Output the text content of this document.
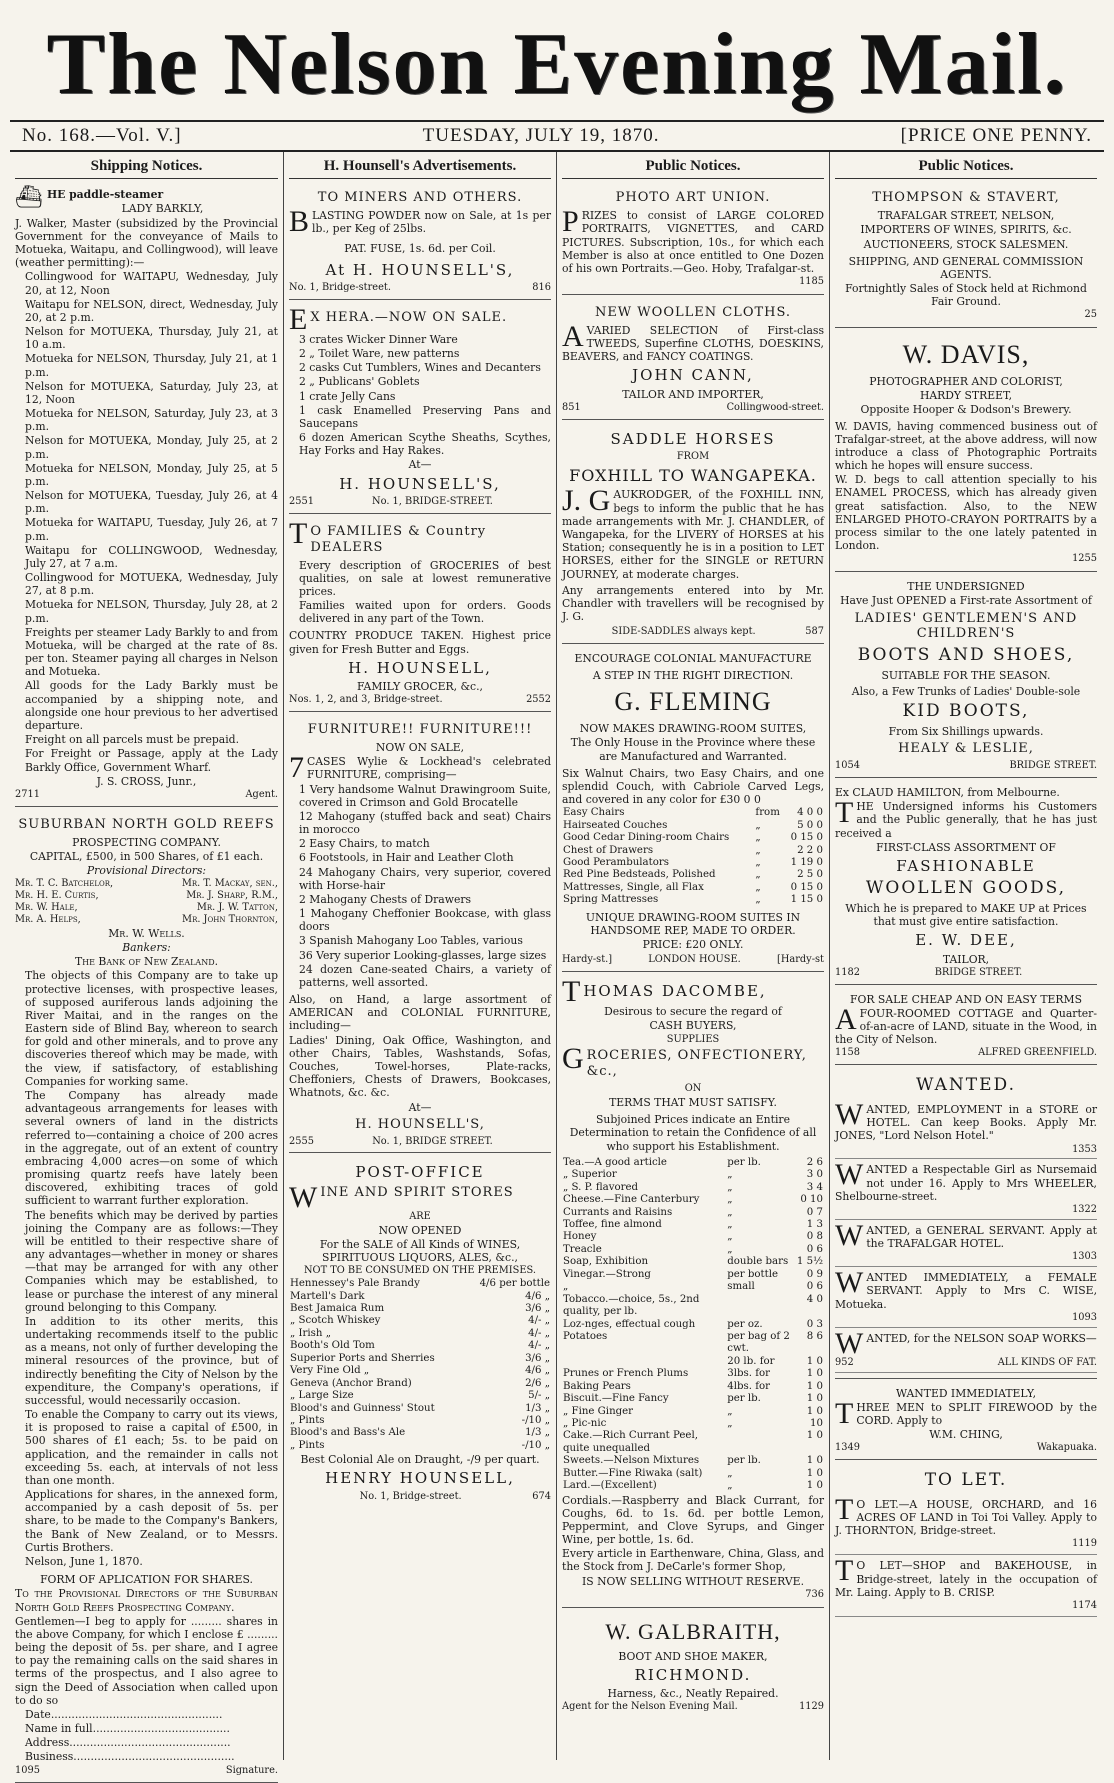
The Nelson Evening Mail.
No. 168.—Vol. V.]	TUESDAY, JULY 19, 1870.	[PRICE ONE PENNY.
Shipping Notices.
⛴ HE paddle-steamer

LADY BARKLY,

J. Walker, Master (subsidized by the Provincial Government for the conveyance of Mails to Motueka, Waitapu, and Collingwood), will leave (weather permitting):—

Collingwood for WAITAPU, Wednesday, July 20, at 12, Noon

Waitapu for NELSON, direct, Wednesday, July 20, at 2 p.m.

Nelson for MOTUEKA, Thursday, July 21, at 10 a.m.

Motueka for NELSON, Thursday, July 21, at 1 p.m.

Nelson for MOTUEKA, Saturday, July 23, at 12, Noon

Motueka for NELSON, Saturday, July 23, at 3 p.m.

Nelson for MOTUEKA, Monday, July 25, at 2 p.m.

Motueka for NELSON, Monday, July 25, at 5 p.m.

Nelson for MOTUEKA, Tuesday, July 26, at 4 p.m.

Motueka for WAITAPU, Tuesday, July 26, at 7 p.m.

Waitapu for COLLINGWOOD, Wednesday, July 27, at 7 a.m.

Collingwood for MOTUEKA, Wednesday, July 27, at 8 p.m.

Motueka for NELSON, Thursday, July 28, at 2 p.m.

Freights per steamer Lady Barkly to and from Motueka, will be charged at the rate of 8s. per ton. Steamer paying all charges in Nelson and Motueka.

All goods for the Lady Barkly must be accompanied by a shipping note, and alongside one hour previous to her advertised departure.

Freight on all parcels must be prepaid.

For Freight or Passage, apply at the Lady Barkly Office, Government Wharf.

J. S. CROSS, Junr.,

2711	Agent.
SUBURBAN NORTH GOLD REEFS

PROSPECTING COMPANY.

CAPITAL, £500, in 500 Shares, of £1 each.

Provisional Directors:

Mr. T. C. Batchelor,	Mr. T. Mackay, sen.,
Mr. H. E. Curtis,	Mr. J. Sharp, R.M.,
Mr. W. Hale,	Mr. J. W. Tatton,
Mr. A. Helps,	Mr. John Thornton,

Mr. W. Wells.

Bankers:

The Bank of New Zealand.

The objects of this Company are to take up protective licenses, with prospective leases, of supposed auriferous lands adjoining the River Maitai, and in the ranges on the Eastern side of Blind Bay, whereon to search for gold and other minerals, and to prove any discoveries thereof which may be made, with the view, if satisfactory, of establishing Companies for working same.

The Company has already made advantageous arrangements for leases with several owners of land in the districts referred to—containing a choice of 200 acres in the aggregate, out of an extent of country embracing 4,000 acres—on some of which promising quartz reefs have lately been discovered, exhibiting traces of gold sufficient to warrant further exploration.

The benefits which may be derived by parties joining the Company are as follows:—They will be entitled to their respective share of any advantages—whether in money or shares—that may be arranged for with any other Companies which may be established, to lease or purchase the interest of any mineral ground belonging to this Company.

In addition to its other merits, this undertaking recommends itself to the public as a means, not only of further developing the mineral resources of the province, but of indirectly benefiting the City of Nelson by the expenditure, the Company's operations, if successful, would necessarily occasion.

To enable the Company to carry out its views, it is proposed to raise a capital of £500, in 500 shares of £1 each; 5s. to be paid on application, and the remainder in calls not exceeding 5s. each, at intervals of not less than one month.

Applications for shares, in the annexed form, accompanied by a cash deposit of 5s. per share, to be made to the Company's Bankers, the Bank of New Zealand, or to Messrs. Curtis Brothers.

Nelson, June 1, 1870.

FORM OF APLICATION FOR SHARES.

To the Provisional Directors of the Suburban North Gold Reefs Prospecting Company.

Gentlemen—I beg to apply for ......... shares in the above Company, for which I enclose £ ......... being the deposit of 5s. per share, and I agree to pay the remaining calls on the said shares in terms of the prospectus, and I also agree to sign the Deed of Association when called upon to do so

Date..................................................

Name in full........................................

Address...............................................

Business...............................................

1095	Signature.
H. Hounsell's Advertisements.
TO MINERS AND OTHERS.
B LASTING POWDER now on Sale, at 1s per lb., per Keg of 25lbs.

PAT. FUSE, 1s. 6d. per Coil.

At H. HOUNSELL'S,
No. 1, Bridge-street.	816
E X HERA.—NOW ON SALE.

3 crates Wicker Dinner Ware

2 „ Toilet Ware, new patterns

2 casks Cut Tumblers, Wines and Decanters

2 „ Publicans' Goblets

1 crate Jelly Cans

1 cask Enamelled Preserving Pans and Saucepans

6 dozen American Scythe Sheaths, Scythes, Hay Forks and Hay Rakes.

At—

H. HOUNSELL'S,
2551	No. 1, BRIDGE-STREET.
T O FAMILIES & Country DEALERS

Every description of GROCERIES of best qualities, on sale at lowest remunerative prices.

Families waited upon for orders. Goods delivered in any part of the Town.

COUNTRY PRODUCE TAKEN. Highest price given for Fresh Butter and Eggs.

H. HOUNSELL,

FAMILY GROCER, &c.,

Nos. 1, 2, and 3, Bridge-street.	2552
FURNITURE!! FURNITURE!!!

NOW ON SALE,

7 CASES Wylie & Lockhead's celebrated FURNITURE, comprising—

1 Very handsome Walnut Drawingroom Suite, covered in Crimson and Gold Brocatelle

12 Mahogany (stuffed back and seat) Chairs in morocco

2 Easy Chairs, to match

6 Footstools, in Hair and Leather Cloth

24 Mahogany Chairs, very superior, covered with Horse-hair

2 Mahogany Chests of Drawers

1 Mahogany Cheffonier Bookcase, with glass doors

3 Spanish Mahogany Loo Tables, various

36 Very superior Looking-glasses, large sizes

24 dozen Cane-seated Chairs, a variety of patterns, well assorted.

Also, on Hand, a large assortment of AMERICAN and COLONIAL FURNITURE, including—

Ladies' Dining, Oak Office, Washington, and other Chairs, Tables, Washstands, Sofas, Couches, Towel-horses, Plate-racks, Cheffoniers, Chests of Drawers, Bookcases, Whatnots, &c. &c.

At—

H. HOUNSELL'S,
2555	No. 1, BRIDGE STREET.
POST-OFFICE
W INE AND SPIRIT STORES

ARE

NOW OPENED

For the SALE of All Kinds of WINES, SPIRITUOUS LIQUORS, ALES, &c.,

NOT TO BE CONSUMED ON THE PREMISES.

Hennessey's Pale Brandy	4/6 per bottle
Martell's Dark	4/6 „
Best Jamaica Rum	3/6 „
„ Scotch Whiskey	4/- „
„ Irish „	4/- „
Booth's Old Tom	4/- „
Superior Ports and Sherries	3/6 „
Very Fine Old „	4/6 „
Geneva (Anchor Brand)	2/6 „
„ Large Size	5/- „
Blood's and Guinness' Stout	1/3 „
„ Pints	-/10 „
Blood's and Bass's Ale	1/3 „
„ Pints	-/10 „

Best Colonial Ale on Draught, -/9 per quart.

HENRY HOUNSELL,
No. 1, Bridge-street.	674
Public Notices.
PHOTO ART UNION.
P RIZES to consist of LARGE COLORED PORTRAITS, VIGNETTES, and CARD PICTURES. Subscription, 10s., for which each Member is also at once entitled to One Dozen of his own Portraits.—Geo. Hoby, Trafalgar-st.

1185

NEW WOOLLEN CLOTHS.
A VARIED SELECTION of First-class TWEEDS, Superfine CLOTHS, DOESKINS, BEAVERS, and FANCY COATINGS.

JOHN CANN,

TAILOR AND IMPORTER,

851	Collingwood-street.
SADDLE HORSES

FROM

FOXHILL TO WANGAPEKA.
J. G AUKRODGER, of the FOXHILL INN, begs to inform the public that he has made arrangements with Mr. J. CHANDLER, of Wangapeka, for the LIVERY of HORSES at his Station; consequently he is in a position to LET HORSES, either for the SINGLE or RETURN JOURNEY, at moderate charges.

Any arrangements entered into by Mr. Chandler with travellers will be recognised by J. G.

SIDE-SADDLES always kept.	587

ENCOURAGE COLONIAL MANUFACTURE

A STEP IN THE RIGHT DIRECTION.

G. FLEMING

NOW MAKES DRAWING-ROOM SUITES,

The Only House in the Province where these are Manufactured and Warranted.

Six Walnut Chairs, two Easy Chairs, and one splendid Couch, with Cabriole Carved Legs, and covered in any color for £30 0 0

Easy Chairs	from	4 0 0
Hairseated Couches	„	5 0 0
Good Cedar Dining-room Chairs	„	0 15 0
Chest of Drawers	„	2 2 0
Good Perambulators	„	1 19 0
Red Pine Bedsteads, Polished	„	2 5 0
Mattresses, Single, all Flax	„	0 15 0
Spring Mattresses	„	1 15 0

UNIQUE DRAWING-ROOM SUITES IN HANDSOME REP, MADE TO ORDER.

PRICE: £20 ONLY.

Hardy-st.]	LONDON HOUSE.	[Hardy-st
T HOMAS DACOMBE,

Desirous to secure the regard of

CASH BUYERS,

SUPPLIES

G ROCERIES, ONFECTIONERY, &c.,

ON

TERMS THAT MUST SATISFY.

Subjoined Prices indicate an Entire Determination to retain the Confidence of all who support his Establishment.

Tea.—A good article	per lb.	2 6
„ Superior	„	3 0
„ S. P. flavored	„	3 4
Cheese.—Fine Canterbury	„	0 10
Currants and Raisins	„	0 7
Toffee, fine almond	„	1 3
Honey	„	0 8
Treacle	„	0 6
Soap, Exhibition	double bars	1 5½
Vinegar.—Strong	per bottle	0 9
„	small	0 6
Tobacco.—choice, 5s., 2nd quality, per lb.		4 0
Loz-nges, effectual cough	per oz.	0 3
Potatoes	per bag of 2 cwt.	8 6
	20 lb. for	1 0
Prunes or French Plums	3lbs. for	1 0
Baking Pears	4lbs. for	1 0
Biscuit.—Fine Fancy	per lb.	1 0
„ Fine Ginger	„	1 0
„ Pic-nic	„	10
Cake.—Rich Currant Peel, quite unequalled		1 0
Sweets.—Nelson Mixtures	per lb.	1 0
Butter.—Fine Riwaka (salt)	„	1 0
Lard.—(Excellent)	„	1 0

Cordials.—Raspberry and Black Currant, for Coughs, 6d. to 1s. 6d. per bottle Lemon, Peppermint, and Clove Syrups, and Ginger Wine, per bottle, 1s. 6d.

Every article in Earthenware, China, Glass, and the Stock from J. DeCarle's former Shop,

IS NOW SELLING WITHOUT RESERVE.

736

W. GALBRAITH,

BOOT AND SHOE MAKER,

RICHMOND.

Harness, &c., Neatly Repaired.

Agent for the Nelson Evening Mail.	1129
Public Notices.
THOMPSON & STAVERT,

TRAFALGAR STREET, NELSON,

IMPORTERS OF WINES, SPIRITS, &c.

AUCTIONEERS, STOCK SALESMEN.

SHIPPING, AND GENERAL COMMISSION AGENTS.

Fortnightly Sales of Stock held at Richmond Fair Ground.

25

W. DAVIS,

PHOTOGRAPHER AND COLORIST,

HARDY STREET,

Opposite Hooper & Dodson's Brewery.

W. DAVIS, having commenced business out of Trafalgar-street, at the above address, will now introduce a class of Photographic Portraits which he hopes will ensure success.

W. D. begs to call attention specially to his ENAMEL PROCESS, which has already given great satisfaction. Also, to the NEW ENLARGED PHOTO-CRAYON PORTRAITS by a process similar to the one lately patented in London.

1255

THE UNDERSIGNED

Have Just OPENED a First-rate Assortment of

LADIES' GENTLEMEN'S AND CHILDREN'S
BOOTS AND SHOES,

SUITABLE FOR THE SEASON.

Also, a Few Trunks of Ladies' Double-sole

KID BOOTS,

From Six Shillings upwards.

HEALY & LESLIE,
1054	BRIDGE STREET.

Ex CLAUD HAMILTON, from Melbourne.

T HE Undersigned informs his Customers and the Public generally, that he has just received a

FIRST-CLASS ASSORTMENT OF

FASHIONABLE
WOOLLEN GOODS,

Which he is prepared to MAKE UP at Prices that must give entire satisfaction.

E. W. DEE,

TAILOR,

1182	BRIDGE STREET.

FOR SALE CHEAP AND ON EASY TERMS

A FOUR-ROOMED COTTAGE and Quarter-of-an-acre of LAND, situate in the Wood, in the City of Nelson.

1158	ALFRED GREENFIELD.
WANTED.
W ANTED, EMPLOYMENT in a STORE or HOTEL. Can keep Books. Apply Mr. JONES, "Lord Nelson Hotel."

1353
W ANTED a Respectable Girl as Nursemaid not under 16. Apply to Mrs WHEELER, Shelbourne-street.

1322
W ANTED, a GENERAL SERVANT. Apply at the TRAFALGAR HOTEL.

1303
W ANTED IMMEDIATELY, a FEMALE SERVANT. Apply to Mrs C. WISE, Motueka.

1093
W ANTED, for the NELSON SOAP WORKS—

952	ALL KINDS OF FAT.

WANTED IMMEDIATELY,

T HREE MEN to SPLIT FIREWOOD by the CORD. Apply to

W.M. CHING,

1349	Wakapuaka.
TO LET.
T O LET.—A HOUSE, ORCHARD, and 16 ACRES OF LAND in Toi Toi Valley. Apply to J. THORNTON, Bridge-street.

1119

T O LET—SHOP and BAKEHOUSE, in Bridge-street, lately in the occupation of Mr. Laing. Apply to B. CRISP.

1174
